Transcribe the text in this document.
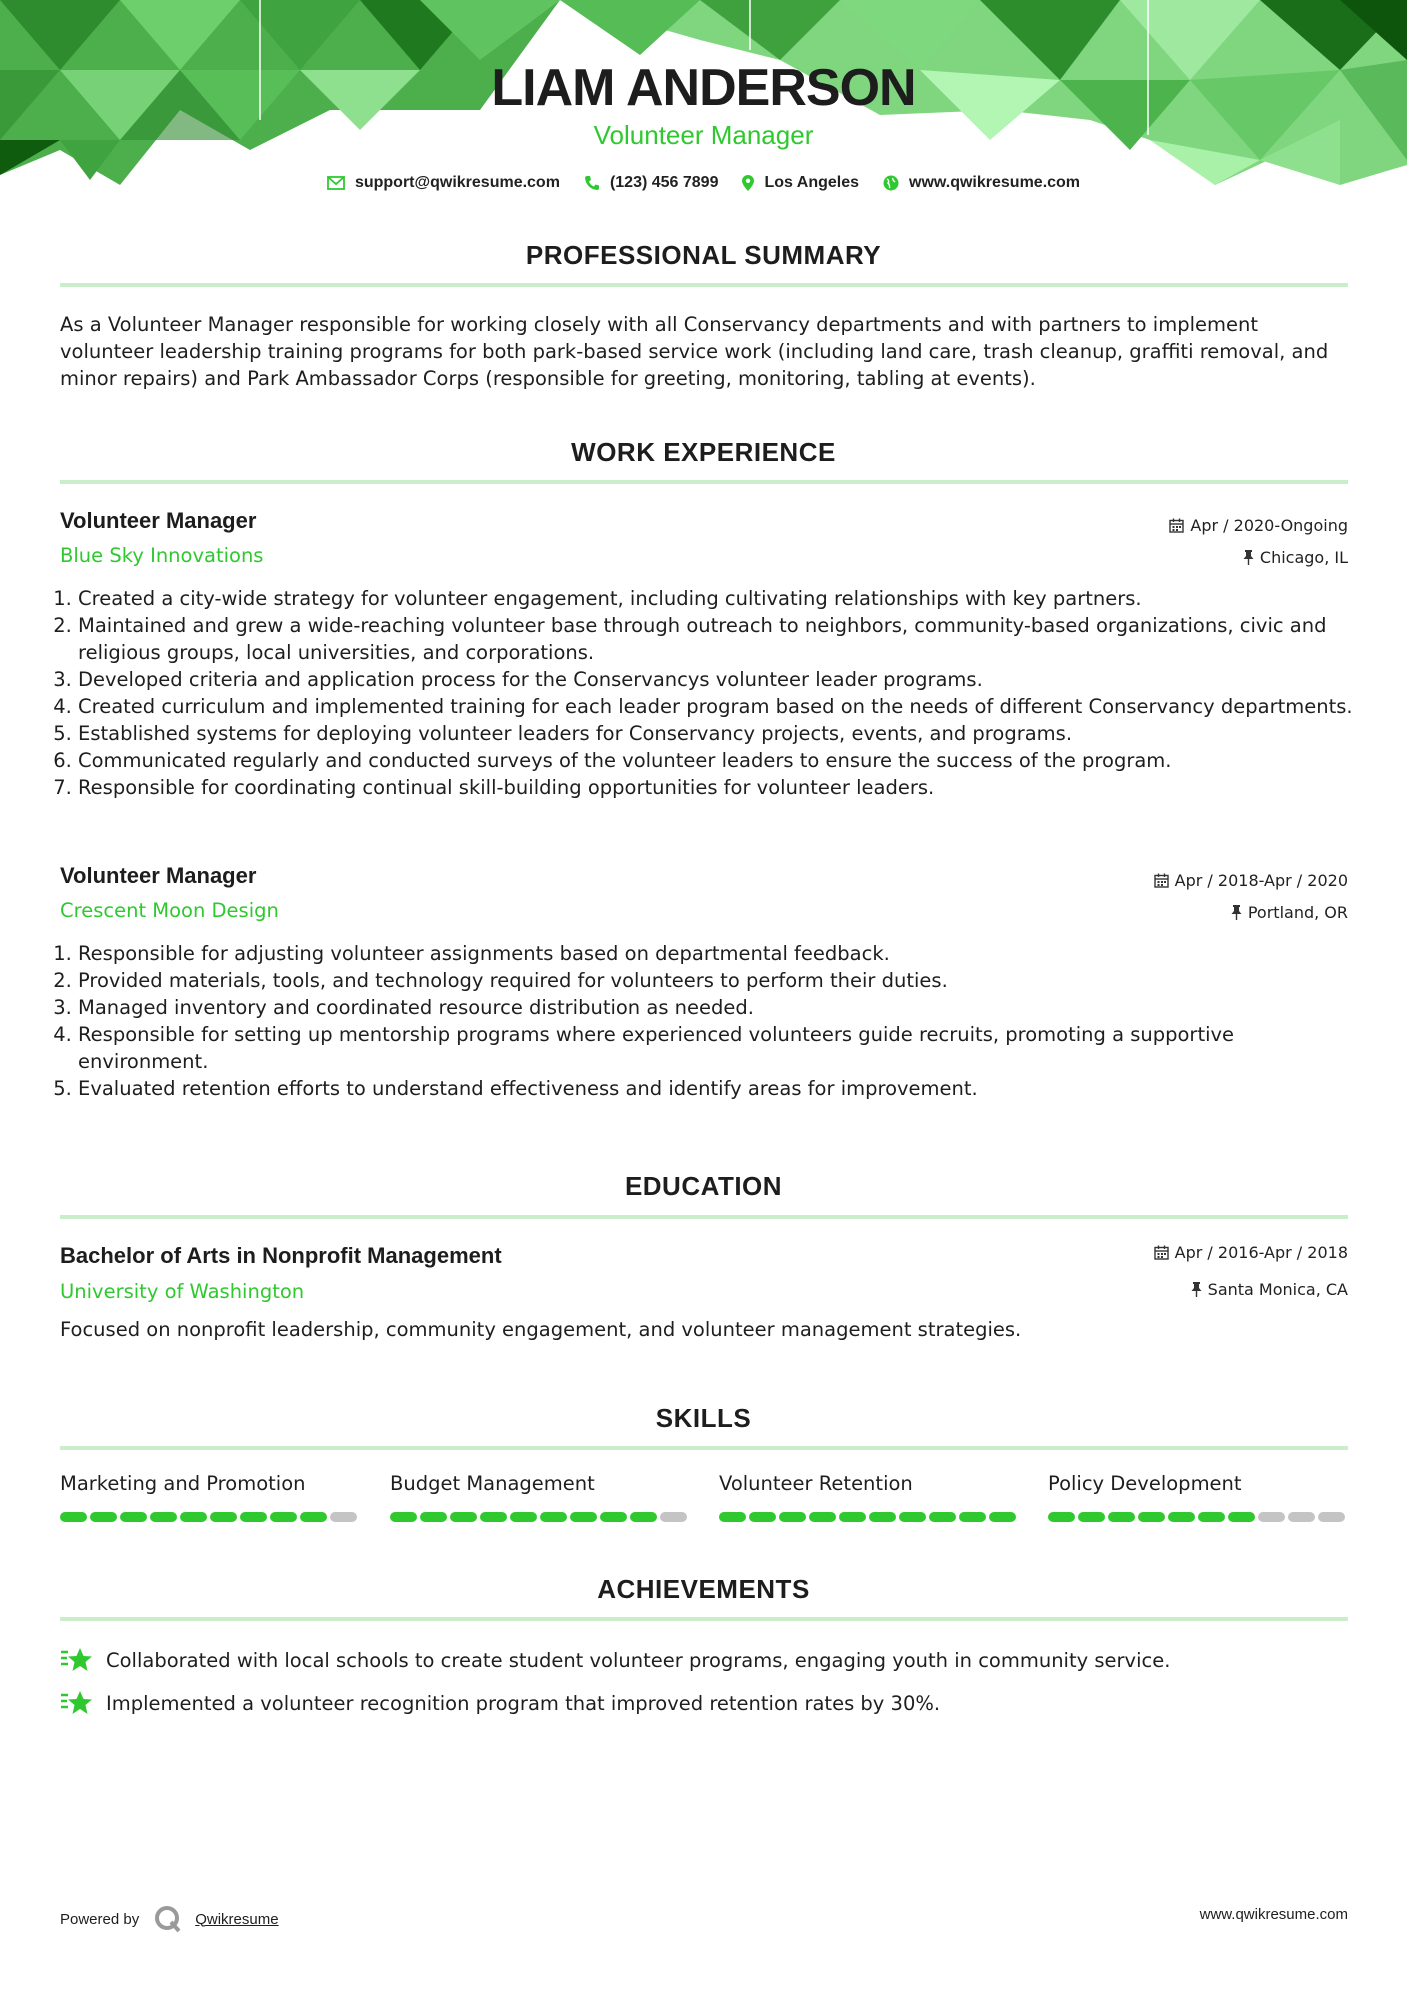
LIAM ANDERSON
Volunteer Manager
support@qwikresume.com	(123) 456 7899	Los Angeles	www.qwikresume.com
PROFESSIONAL SUMMARY
As a Volunteer Manager responsible for working closely with all Conservancy departments and with partners to implement volunteer leadership training programs for both park-based service work (including land care, trash cleanup, graffiti removal, and minor repairs) and Park Ambassador Corps (responsible for greeting, monitoring, tabling at events).
WORK EXPERIENCE
Volunteer Manager
Blue Sky Innovations
Apr / 2020-Ongoing
Chicago, IL
1. Created a city-wide strategy for volunteer engagement, including cultivating relationships with key partners.
2. Maintained and grew a wide-reaching volunteer base through outreach to neighbors, community-based organizations, civic and religious groups, local universities, and corporations.
3. Developed criteria and application process for the Conservancys volunteer leader programs.
4. Created curriculum and implemented training for each leader program based on the needs of different Conservancy departments.
5. Established systems for deploying volunteer leaders for Conservancy projects, events, and programs.
6. Communicated regularly and conducted surveys of the volunteer leaders to ensure the success of the program.
7. Responsible for coordinating continual skill-building opportunities for volunteer leaders.
Volunteer Manager
Crescent Moon Design
Apr / 2018-Apr / 2020
Portland, OR
1. Responsible for adjusting volunteer assignments based on departmental feedback.
2. Provided materials, tools, and technology required for volunteers to perform their duties.
3. Managed inventory and coordinated resource distribution as needed.
4. Responsible for setting up mentorship programs where experienced volunteers guide recruits, promoting a supportive environment.
5. Evaluated retention efforts to understand effectiveness and identify areas for improvement.
EDUCATION
Bachelor of Arts in Nonprofit Management
University of Washington
Apr / 2016-Apr / 2018
Santa Monica, CA
Focused on nonprofit leadership, community engagement, and volunteer management strategies.
SKILLS
Marketing and Promotion	Budget Management	Volunteer Retention	Policy Development
ACHIEVEMENTS
Collaborated with local schools to create student volunteer programs, engaging youth in community service.
Implemented a volunteer recognition program that improved retention rates by 30%.
Powered by	Qwikresume	www.qwikresume.com
